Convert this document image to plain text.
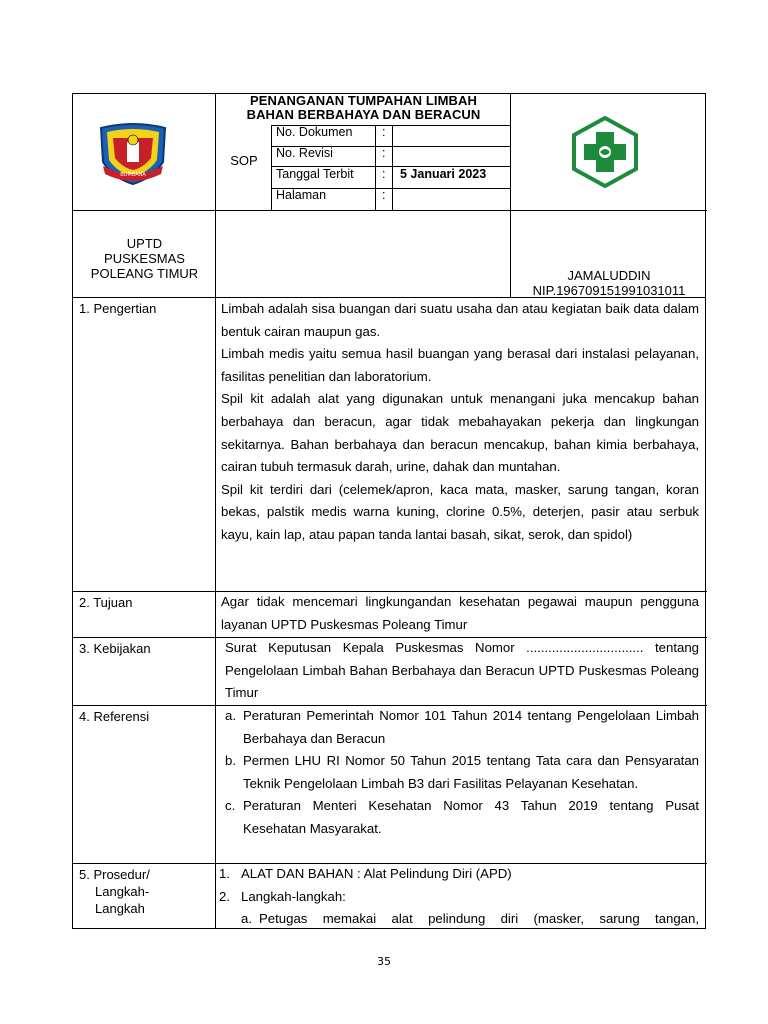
BOMBANA
PENANGANAN TUMPAHAN LIMBAH
BAHAN BERBAHAYA DAN BERACUN
SOP
No. Dokumen :
No. Revisi	:
Tanggal Terbit : 5 Januari 2023
Halaman	:
UPTD
PUSKESMAS
POLEANG TIMUR	JAMALUDDIN
NIP.196709151991031011
1. Pengertian	Limbah adalah sisa buangan dari suatu usaha dan atau kegiatan baik data dalam bentuk cairan maupun gas.

Limbah medis yaitu semua hasil buangan yang berasal dari instalasi pelayanan, fasilitas penelitian dan laboratorium.

Spil kit adalah alat yang digunakan untuk menangani juka mencakup bahan berbahaya dan beracun, agar tidak mebahayakan pekerja dan lingkungan sekitarnya. Bahan berbahaya dan beracun mencakup, bahan kimia berbahaya, cairan tubuh termasuk darah, urine, dahak dan muntahan.

Spil kit terdiri dari (celemek/apron, kaca mata, masker, sarung tangan, koran bekas, palstik medis warna kuning, clorine 0.5%, deterjen, pasir atau serbuk kayu, kain lap, atau papan tanda lantai basah, sikat, serok, dan spidol)

2. Tujuan	Agar tidak mencemari lingkungandan kesehatan pegawai maupun pengguna layanan UPTD Puskesmas Poleang Timur

3. Kebijakan	Surat Keputusan Kepala Puskesmas Nomor ................................ tentang Pengelolaan Limbah Bahan Berbahaya dan Beracun UPTD Puskesmas Poleang Timur

4. Referensi	a. Peraturan Pemerintah Nomor 101 Tahun 2014 tentang Pengelolaan Limbah Berbahaya dan Beracun
b. Permen LHU RI Nomor 50 Tahun 2015 tentang Tata cara dan Pensyaratan Teknik Pengelolaan Limbah B3 dari Fasilitas Pelayanan Kesehatan.
c. Peraturan Menteri Kesehatan Nomor 43 Tahun 2019 tentang Pusat Kesehatan Masyarakat.
5. Prosedur/
Langkah-
Langkah
1. ALAT DAN BAHAN : Alat Pelindung Diri (APD)
2. Langkah-langkah:
a. Petugas memakai alat pelindung diri (masker, sarung tangan,
35
